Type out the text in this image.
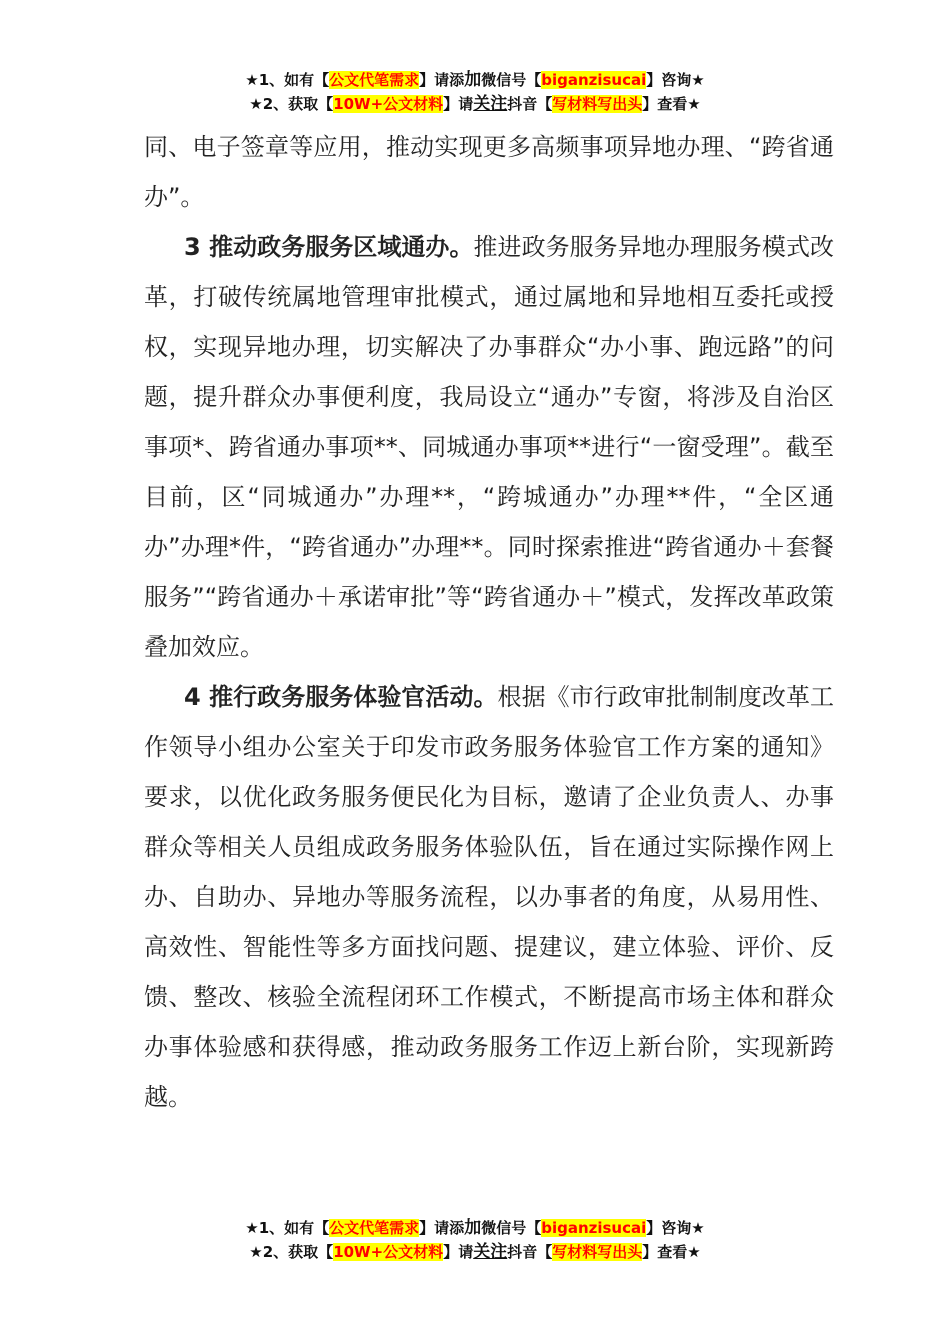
★1、如有【公文代笔需求】请添加微信号【biganzisucai】咨询★
★2、获取【10W+公文材料】请关注抖音【写材料写出头】查看★

同、电子签章等应用，推动实现更多高频事项异地办理、“跨省通办”。

3 推动政务服务区域通办。推进政务服务异地办理服务模式改革，打破传统属地管理审批模式，通过属地和异地相互委托或授权，实现异地办理，切实解决了办事群众“办小事、跑远路”的问题，提升群众办事便利度，我局设立“通办”专窗，将涉及自治区事项*、跨省通办事项**、同城通办事项**进行“一窗受理”。截至目前，区“同城通办”办理**，“跨城通办”办理**件，“全区通办”办理*件，“跨省通办”办理**。同时探索推进“跨省通办＋套餐服务”“跨省通办＋承诺审批”等“跨省通办＋”模式，发挥改革政策叠加效应。

4 推行政务服务体验官活动。根据《市行政审批制制度改革工作领导小组办公室关于印发市政务服务体验官工作方案的通知》要求，以优化政务服务便民化为目标，邀请了企业负责人、办事群众等相关人员组成政务服务体验队伍，旨在通过实际操作网上办、自助办、异地办等服务流程，以办事者的角度，从易用性、高效性、智能性等多方面找问题、提建议，建立体验、评价、反馈、整改、核验全流程闭环工作模式，不断提高市场主体和群众办事体验感和获得感，推动政务服务工作迈上新台阶，实现新跨越。

★1、如有【公文代笔需求】请添加微信号【biganzisucai】咨询★
★2、获取【10W+公文材料】请关注抖音【写材料写出头】查看★
